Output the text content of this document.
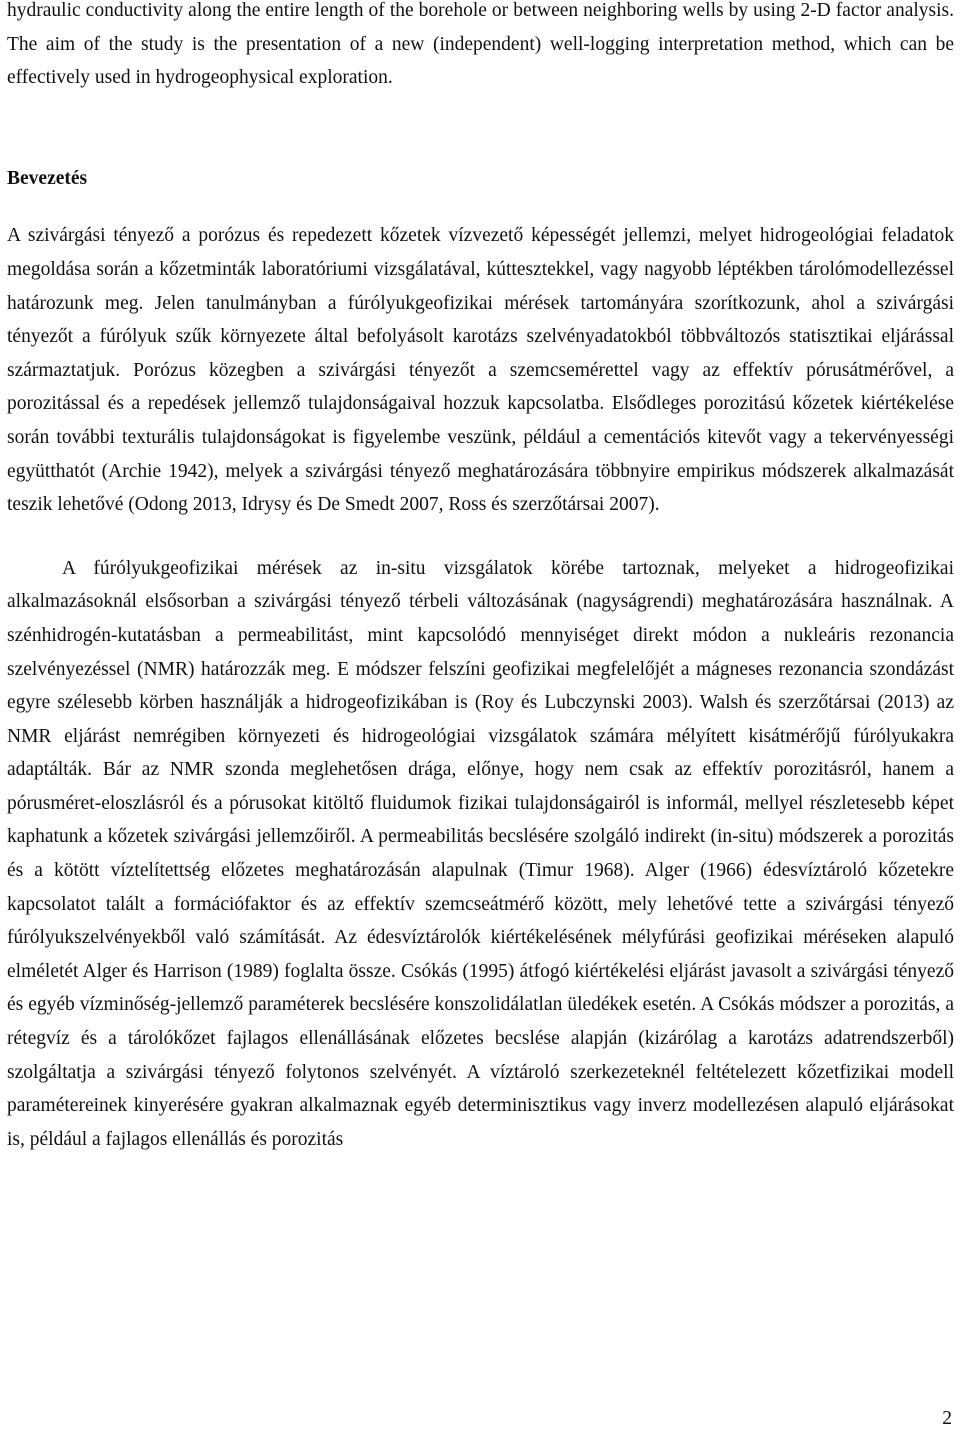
hydraulic conductivity along the entire length of the borehole or between neighboring wells by using 2-D factor analysis. The aim of the study is the presentation of a new (independent) well-logging interpretation method, which can be effectively used in hydrogeophysical exploration.

Bevezetés

A szivárgási tényező a porózus és repedezett kőzetek vízvezető képességét jellemzi, melyet hidrogeológiai feladatok megoldása során a kőzetminták laboratóriumi vizsgálatával, kúttesztekkel, vagy nagyobb léptékben tárolómodellezéssel határozunk meg. Jelen tanulmányban a fúrólyukgeofizikai mérések tartományára szorítkozunk, ahol a szivárgási tényezőt a fúrólyuk szűk környezete által befolyásolt karotázs szelvényadatokból többváltozós statisztikai eljárással származtatjuk. Porózus közegben a szivárgási tényezőt a szemcsemérettel vagy az effektív pórusátmérővel, a porozitással és a repedések jellemző tulajdonságaival hozzuk kapcsolatba. Elsődleges porozitású kőzetek kiértékelése során további texturális tulajdonságokat is figyelembe veszünk, például a cementációs kitevőt vagy a tekervényességi együtthatót (Archie 1942), melyek a szivárgási tényező meghatározására többnyire empirikus módszerek alkalmazását teszik lehetővé (Odong 2013, Idrysy és De Smedt 2007, Ross és szerzőtársai 2007).

A fúrólyukgeofizikai mérések az in-situ vizsgálatok körébe tartoznak, melyeket a hidrogeofizikai alkalmazásoknál elsősorban a szivárgási tényező térbeli változásának (nagyságrendi) meghatározására használnak. A szénhidrogén-kutatásban a permeabilitást, mint kapcsolódó mennyiséget direkt módon a nukleáris rezonancia szelvényezéssel (NMR) határozzák meg. E módszer felszíni geofizikai megfelelőjét a mágneses rezonancia szondázást egyre szélesebb körben használják a hidrogeofizikában is (Roy és Lubczynski 2003). Walsh és szerzőtársai (2013) az NMR eljárást nemrégiben környezeti és hidrogeológiai vizsgálatok számára mélyített kisátmérőjű fúrólyukakra adaptálták. Bár az NMR szonda meglehetősen drága, előnye, hogy nem csak az effektív porozitásról, hanem a pórusméret-eloszlásról és a pórusokat kitöltő fluidumok fizikai tulajdonságairól is informál, mellyel részletesebb képet kaphatunk a kőzetek szivárgási jellemzőiről. A permeabilitás becslésére szolgáló indirekt (in-situ) módszerek a porozitás és a kötött víztelítettség előzetes meghatározásán alapulnak (Timur 1968). Alger (1966) édesvíztároló kőzetekre kapcsolatot talált a formációfaktor és az effektív szemcseátmérő között, mely lehetővé tette a szivárgási tényező fúrólyukszelvényekből való számítását. Az édesvíztárolók kiértékelésének mélyfúrási geofizikai méréseken alapuló elméletét Alger és Harrison (1989) foglalta össze. Csókás (1995) átfogó kiértékelési eljárást javasolt a szivárgási tényező és egyéb vízminőség-jellemző paraméterek becslésére konszolidálatlan üledékek esetén. A Csókás módszer a porozitás, a rétegvíz és a tárolókőzet fajlagos ellenállásának előzetes becslése alapján (kizárólag a karotázs adatrendszerből) szolgáltatja a szivárgási tényező folytonos szelvényét. A víztároló szerkezeteknél feltételezett kőzetfizikai modell paramétereinek kinyerésére gyakran alkalmaznak egyéb determinisztikus vagy inverz modellezésen alapuló eljárásokat is, például a fajlagos ellenállás és porozitás

2
